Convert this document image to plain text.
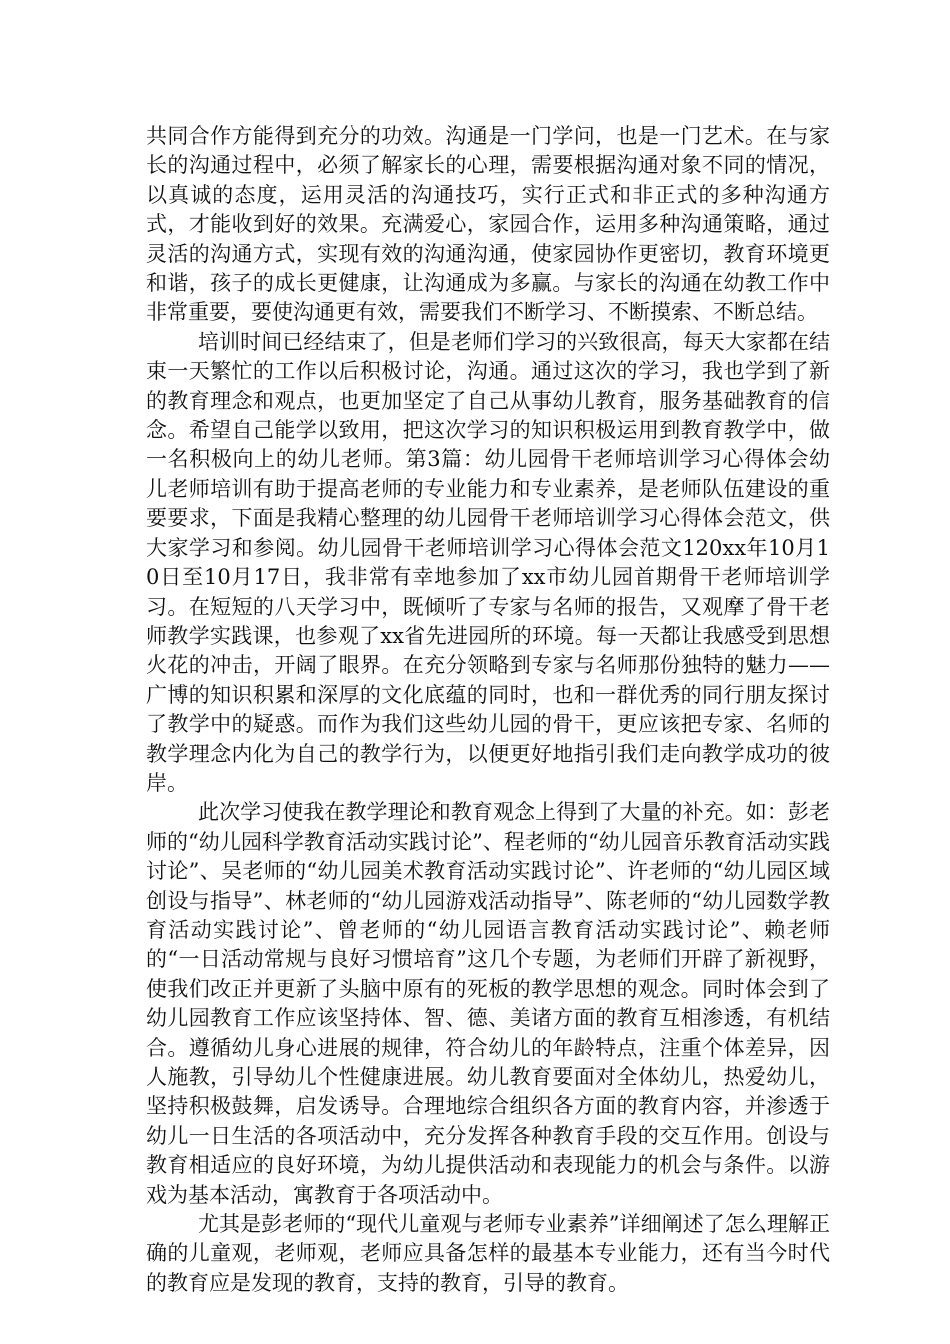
共同合作方能得到充分的功效。沟通是一门学问，也是一门艺术。在与家长的沟通过程中，必须了解家长的心理，需要根据沟通对象不同的情况，以真诚的态度，运用灵活的沟通技巧，实行正式和非正式的多种沟通方式，才能收到好的效果。充满爱心，家园合作，运用多种沟通策略，通过灵活的沟通方式，实现有效的沟通沟通，使家园协作更密切，教育环境更和谐，孩子的成长更健康，让沟通成为多赢。与家长的沟通在幼教工作中非常重要，要使沟通更有效，需要我们不断学习、不断摸索、不断总结。

培训时间已经结束了，但是老师们学习的兴致很高，每天大家都在结束一天繁忙的工作以后积极讨论，沟通。通过这次的学习，我也学到了新的教育理念和观点，也更加坚定了自己从事幼儿教育，服务基础教育的信念。希望自己能学以致用，把这次学习的知识积极运用到教育教学中，做一名积极向上的幼儿老师。第3篇：幼儿园骨干老师培训学习心得体会幼儿老师培训有助于提高老师的专业能力和专业素养，是老师队伍建设的重要要求，下面是我精心整理的幼儿园骨干老师培训学习心得体会范文，供大家学习和参阅。幼儿园骨干老师培训学习心得体会范文120xx年10月10日至10月17日，我非常有幸地参加了xx市幼儿园首期骨干老师培训学习。在短短的八天学习中，既倾听了专家与名师的报告，又观摩了骨干老师教学实践课，也参观了xx省先进园所的环境。每一天都让我感受到思想火花的冲击，开阔了眼界。在充分领略到专家与名师那份独特的魅力——广博的知识积累和深厚的文化底蕴的同时，也和一群优秀的同行朋友探讨了教学中的疑惑。而作为我们这些幼儿园的骨干，更应该把专家、名师的教学理念内化为自己的教学行为，以便更好地指引我们走向教学成功的彼岸。

此次学习使我在教学理论和教育观念上得到了大量的补充。如：彭老师的“幼儿园科学教育活动实践讨论”、程老师的“幼儿园音乐教育活动实践讨论”、吴老师的“幼儿园美术教育活动实践讨论”、许老师的“幼儿园区域创设与指导”、林老师的“幼儿园游戏活动指导”、陈老师的“幼儿园数学教育活动实践讨论”、曾老师的“幼儿园语言教育活动实践讨论”、赖老师的“一日活动常规与良好习惯培育”这几个专题，为老师们开辟了新视野，使我们改正并更新了头脑中原有的死板的教学思想的观念。同时体会到了幼儿园教育工作应该坚持体、智、德、美诸方面的教育互相渗透，有机结合。遵循幼儿身心进展的规律，符合幼儿的年龄特点，注重个体差异，因人施教，引导幼儿个性健康进展。幼儿教育要面对全体幼儿，热爱幼儿，坚持积极鼓舞，启发诱导。合理地综合组织各方面的教育内容，并渗透于幼儿一日生活的各项活动中，充分发挥各种教育手段的交互作用。创设与教育相适应的良好环境，为幼儿提供活动和表现能力的机会与条件。以游戏为基本活动，寓教育于各项活动中。

尤其是彭老师的“现代儿童观与老师专业素养”详细阐述了怎么理解正确的儿童观，老师观，老师应具备怎样的最基本专业能力，还有当今时代的教育应是发现的教育，支持的教育，引导的教育。
